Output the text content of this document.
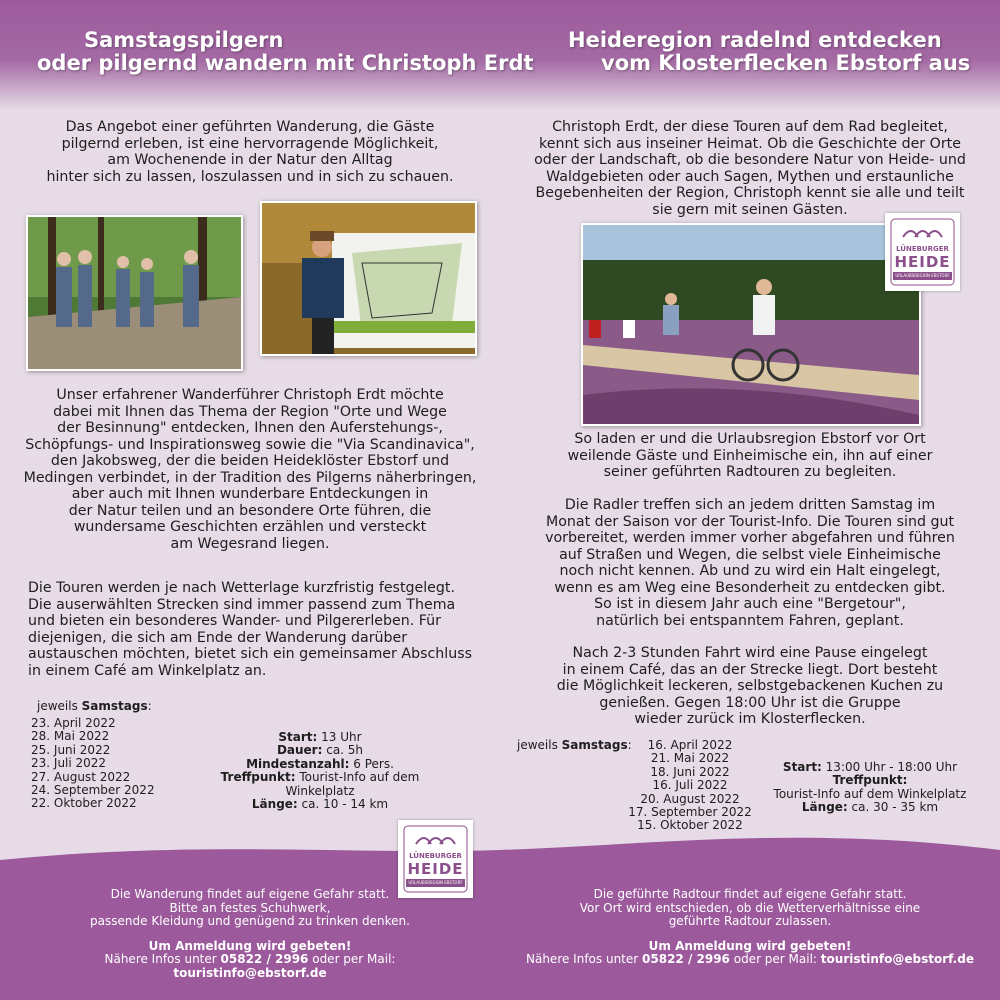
Samstagspilgern
oder pilgernd wandern mit Christoph Erdt
Das Angebot einer geführten Wanderung, die Gäste
pilgernd erleben, ist eine hervorragende Möglichkeit,
am Wochenende in der Natur den Alltag
hinter sich zu lassen, loszulassen und in sich zu schauen.
Unser erfahrener Wanderführer Christoph Erdt möchte
dabei mit Ihnen das Thema der Region "Orte und Wege
der Besinnung" entdecken, Ihnen den Auferstehungs-,
Schöpfungs- und Inspirationsweg sowie die "Via Scandinavica",
den Jakobsweg, der die beiden Heideklöster Ebstorf und
Medingen verbindet, in der Tradition des Pilgerns näherbringen,
aber auch mit Ihnen wunderbare Entdeckungen in
der Natur teilen und an besondere Orte führen, die
wundersame Geschichten erzählen und versteckt
am Wegesrand liegen.
Die Touren werden je nach Wetterlage kurzfristig festgelegt.
Die auserwählten Strecken sind immer passend zum Thema
und bieten ein besonderes Wander- und Pilgererleben. Für
diejenigen, die sich am Ende der Wanderung darüber
austauschen möchten, bietet sich ein gemeinsamer Abschluss
in einem Café am Winkelplatz an.
jeweils Samstags:
23. April 2022
28. Mai 2022
25. Juni 2022
23. Juli 2022
27. August 2022
24. September 2022
22. Oktober 2022
Start: 13 Uhr
Dauer: ca. 5h
Mindestanzahl: 6 Pers.
Treffpunkt: Tourist-Info auf dem Winkelplatz
Länge: ca. 10 - 14 km
LÜNEBURGER
HEIDE
URLAUBSREGION EBSTORF
Die Wanderung findet auf eigene Gefahr statt.
Bitte an festes Schuhwerk,
passende Kleidung und genügend zu trinken denken.
Um Anmeldung wird gebeten!
Nähere Infos unter 05822 / 2996 oder per Mail: touristinfo@ebstorf.de
Heideregion radelnd entdecken
vom Klosterflecken Ebstorf aus
Christoph Erdt, der diese Touren auf dem Rad begleitet,
kennt sich aus inseiner Heimat. Ob die Geschichte der Orte
oder der Landschaft, ob die besondere Natur von Heide- und
Waldgebieten oder auch Sagen, Mythen und erstaunliche
Begebenheiten der Region, Christoph kennt sie alle und teilt
sie gern mit seinen Gästen.
LÜNEBURGER
HEIDE
URLAUBSREGION EBSTORF
So laden er und die Urlaubsregion Ebstorf vor Ort
weilende Gäste und Einheimische ein, ihn auf einer
seiner geführten Radtouren zu begleiten.
Die Radler treffen sich an jedem dritten Samstag im
Monat der Saison vor der Tourist-Info. Die Touren sind gut
vorbereitet, werden immer vorher abgefahren und führen
auf Straßen und Wegen, die selbst viele Einheimische
noch nicht kennen. Ab und zu wird ein Halt eingelegt,
wenn es am Weg eine Besonderheit zu entdecken gibt.
So ist in diesem Jahr auch eine "Bergetour",
natürlich bei entspanntem Fahren, geplant.
Nach 2-3 Stunden Fahrt wird eine Pause eingelegt
in einem Café, das an der Strecke liegt. Dort besteht
die Möglichkeit leckeren, selbstgebackenen Kuchen zu
genießen. Gegen 18:00 Uhr ist die Gruppe
wieder zurück im Klosterflecken.
jeweils Samstags:	16. April 2022
21. Mai 2022
18. Juni 2022
16. Juli 2022
20. August 2022
17. September 2022
15. Oktober 2022
Start: 13:00 Uhr - 18:00 Uhr
Treffpunkt:
Tourist-Info auf dem Winkelplatz
Länge: ca. 30 - 35 km
Die geführte Radtour findet auf eigene Gefahr statt.
Vor Ort wird entschieden, ob die Wetterverhältnisse eine
geführte Radtour zulassen.
Um Anmeldung wird gebeten!
Nähere Infos unter 05822 / 2996 oder per Mail: touristinfo@ebstorf.de
